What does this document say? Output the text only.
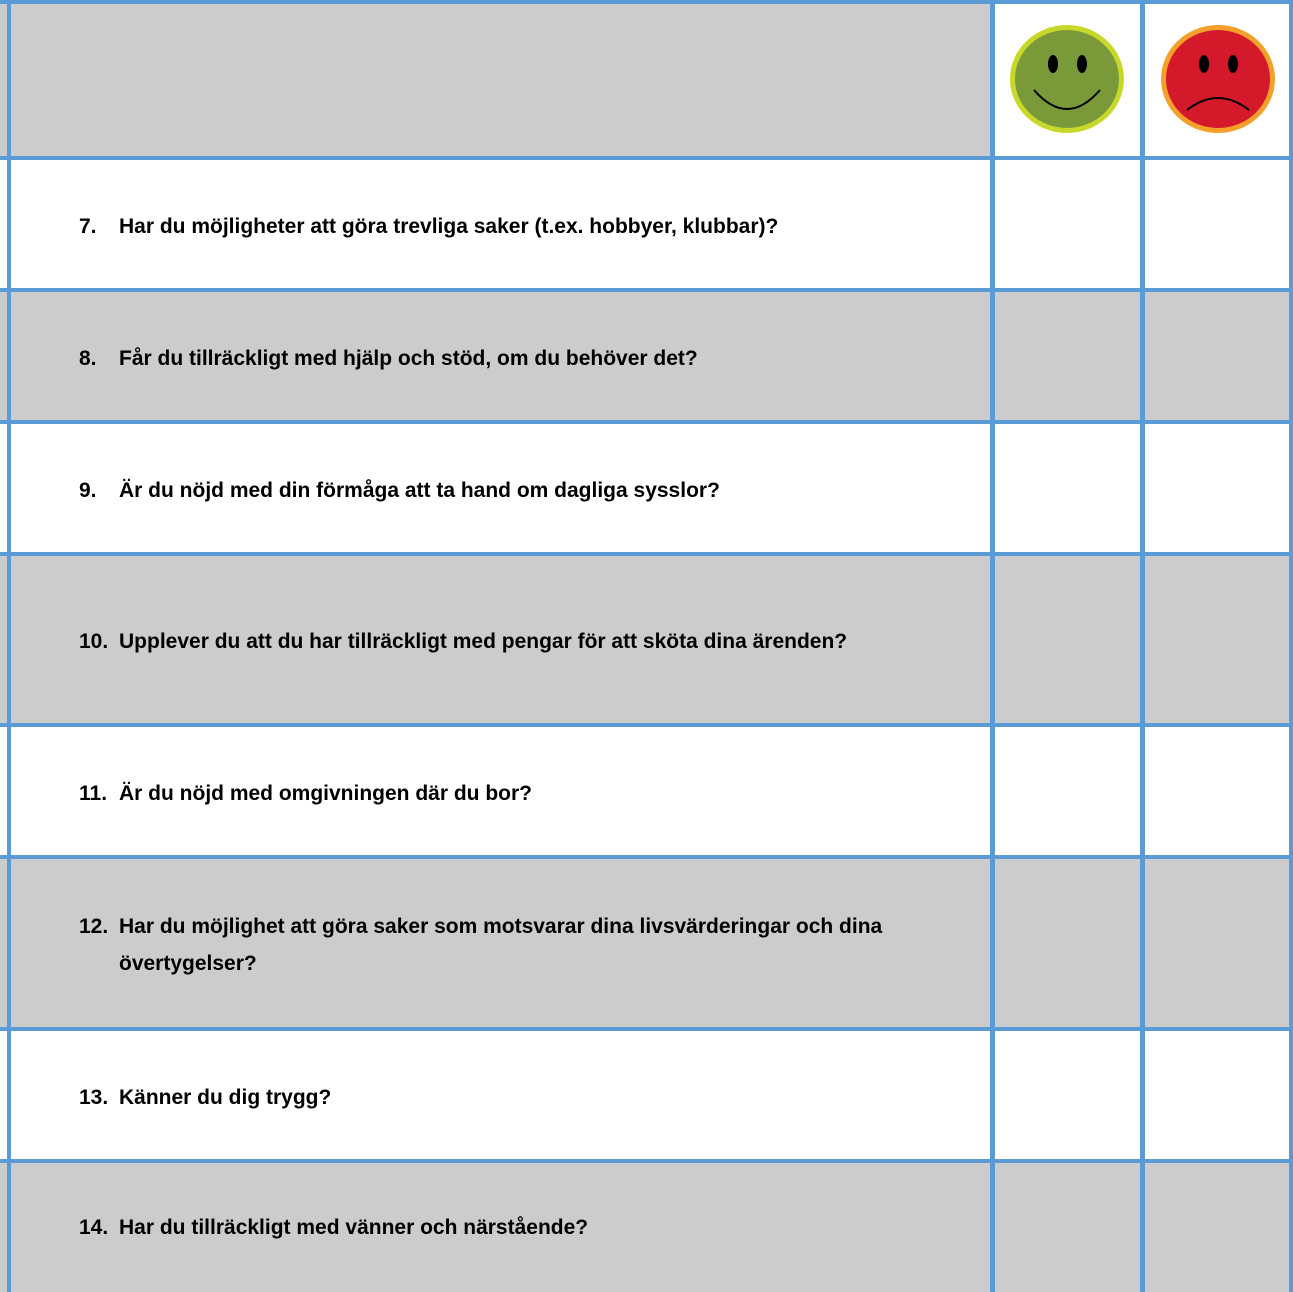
7.	Har du möjligheter att göra trevliga saker (t.ex. hobbyer, klubbar)?
8.	Får du tillräckligt med hjälp och stöd, om du behöver det?
9.	Är du nöjd med din förmåga att ta hand om dagliga sysslor?
10. Upplever du att du har tillräckligt med pengar för att sköta dina ärenden?
11. Är du nöjd med omgivningen där du bor?
12. Har du möjlighet att göra saker som motsvarar dina livsvärderingar och dina övertygelser?
13. Känner du dig trygg?
14. Har du tillräckligt med vänner och närstående?
